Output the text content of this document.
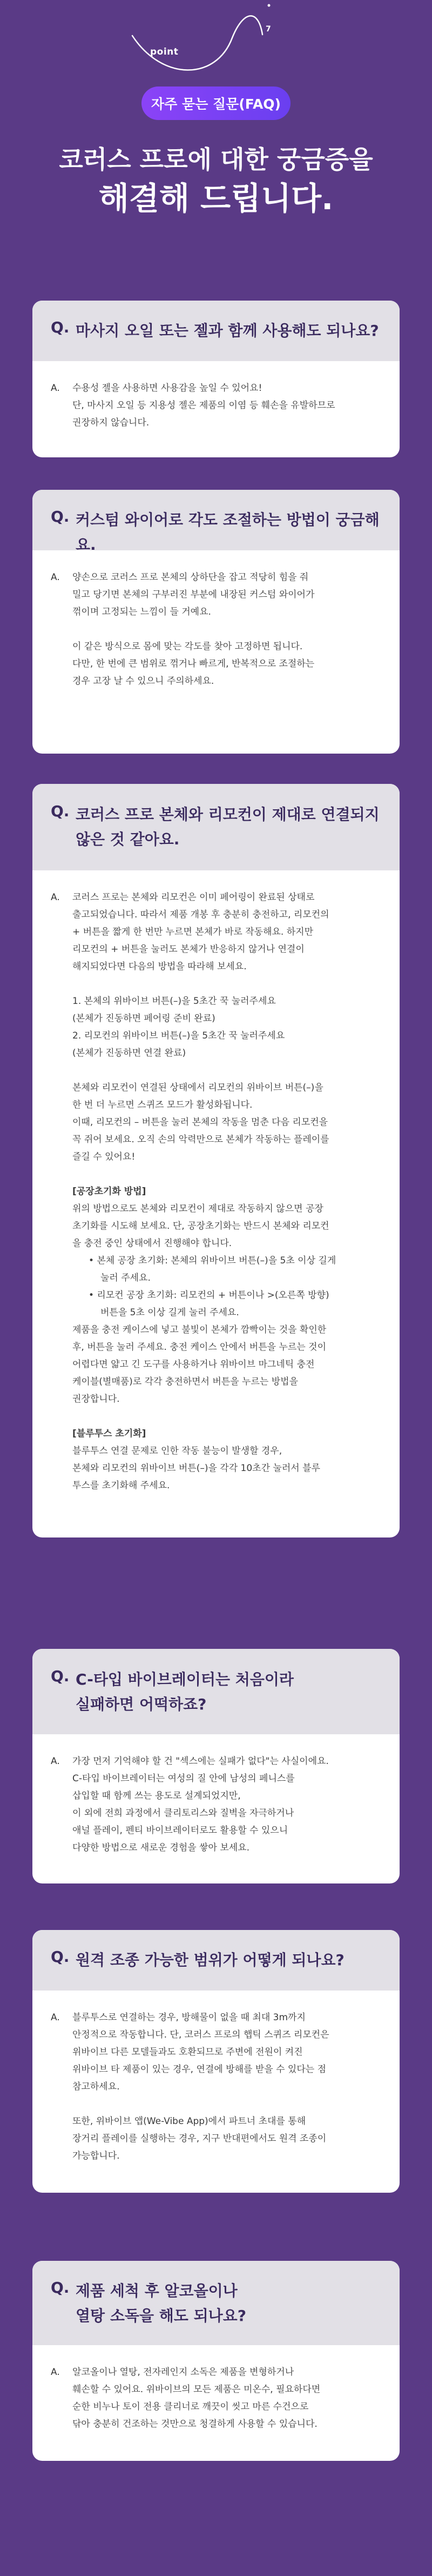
point
7
자주 묻는 질문(FAQ)
코러스 프로에 대한 궁금증을
해결해 드립니다.
Q. 마사지 오일 또는 젤과 함께 사용해도 되나요?
A.	수용성 젤을 사용하면 사용감을 높일 수 있어요!
단, 마사지 오일 등 지용성 젤은 제품의 이염 등 훼손을 유발하므로
권장하지 않습니다.
Q. 커스텀 와이어로 각도 조절하는 방법이 궁금해요.
A.	양손으로 코러스 프로 본체의 상하단을 잡고 적당히 힘을 줘
밀고 당기면 본체의 구부러진 부분에 내장된 커스텀 와이어가
꺾이며 고정되는 느낌이 들 거예요.
이 같은 방식으로 몸에 맞는 각도를 찾아 고정하면 됩니다.
다만, 한 번에 큰 범위로 꺾거나 빠르게, 반복적으로 조절하는
경우 고장 날 수 있으니 주의하세요.
Q. 코러스 프로 본체와 리모컨이 제대로 연결되지
않은 것 같아요.
A.	코러스 프로는 본체와 리모컨은 이미 페어링이 완료된 상태로
출고되었습니다. 따라서 제품 개봉 후 충분히 충전하고, 리모컨의
+ 버튼을 짧게 한 번만 누르면 본체가 바로 작동해요. 하지만
리모컨의 + 버튼을 눌러도 본체가 반응하지 않거나 연결이
해지되었다면 다음의 방법을 따라해 보세요.
1. 본체의 위바이브 버튼(–)을 5초간 꾹 눌러주세요
(본체가 진동하면 페어링 준비 완료)
2. 리모컨의 위바이브 버튼(–)을 5초간 꾹 눌러주세요
(본체가 진동하면 연결 완료)
본체와 리모컨이 연결된 상태에서 리모컨의 위바이브 버튼(–)을
한 번 더 누르면 스퀴즈 모드가 활성화됩니다.
이때, 리모컨의 – 버튼을 눌러 본체의 작동을 멈춘 다음 리모컨을
꼭 쥐어 보세요. 오직 손의 악력만으로 본체가 작동하는 플레이를
즐길 수 있어요!
[공장초기화 방법]
위의 방법으로도 본체와 리모컨이 제대로 작동하지 않으면 공장
초기화를 시도해 보세요. 단, 공장초기화는 반드시 본체와 리모컨
을 충전 중인 상태에서 진행해야 합니다.
• 본체 공장 초기화: 본체의 위바이브 버튼(–)을 5초 이상 길게
눌러 주세요.
• 리모컨 공장 초기화: 리모컨의 + 버튼이나 >(오른쪽 방향)
버튼을 5초 이상 길게 눌러 주세요.
제품을 충전 케이스에 넣고 불빛이 본체가 깜빡이는 것을 확인한
후, 버튼을 눌러 주세요. 충전 케이스 안에서 버튼을 누르는 것이
어렵다면 얇고 긴 도구를 사용하거나 위바이브 마그네틱 충전
케이블(별매품)로 각각 충전하면서 버튼을 누르는 방법을
권장합니다.
[블루투스 초기화]
블루투스 연결 문제로 인한 작동 불능이 발생할 경우,
본체와 리모컨의 위바이브 버튼(–)을 각각 10초간 눌러서 블루
투스를 초기화해 주세요.
Q. C-타입 바이브레이터는 처음이라
실패하면 어떡하죠?
A.	가장 먼저 기억해야 할 건 "섹스에는 실패가 없다"는 사실이에요.
C-타입 바이브레이터는 여성의 질 안에 남성의 페니스를
삽입할 때 함께 쓰는 용도로 설계되었지만,
이 외에 전희 과정에서 클리토리스와 질벽을 자극하거나
애널 플레이, 펜티 바이브레이터로도 활용할 수 있으니
다양한 방법으로 새로운 경험을 쌓아 보세요.
Q. 원격 조종 가능한 범위가 어떻게 되나요?
A.	블루투스로 연결하는 경우, 방해물이 없을 때 최대 3m까지
안정적으로 작동합니다. 단, 코러스 프로의 햅틱 스퀴즈 리모컨은
위바이브 다른 모델들과도 호환되므로 주변에 전원이 켜진
위바이브 타 제품이 있는 경우, 연결에 방해를 받을 수 있다는 점
참고하세요.
또한, 위바이브 앱(We-Vibe App)에서 파트너 초대를 통해
장거리 플레이를 실행하는 경우, 지구 반대편에서도 원격 조종이
가능합니다.
Q. 제품 세척 후 알코올이나
열탕 소독을 해도 되나요?
A.	알코올이나 열탕, 전자레인지 소독은 제품을 변형하거나
훼손할 수 있어요. 위바이브의 모든 제품은 미온수, 필요하다면
순한 비누나 토이 전용 클리너로 깨끗이 씻고 마른 수건으로
닦아 충분히 건조하는 것만으로 청결하게 사용할 수 있습니다.
